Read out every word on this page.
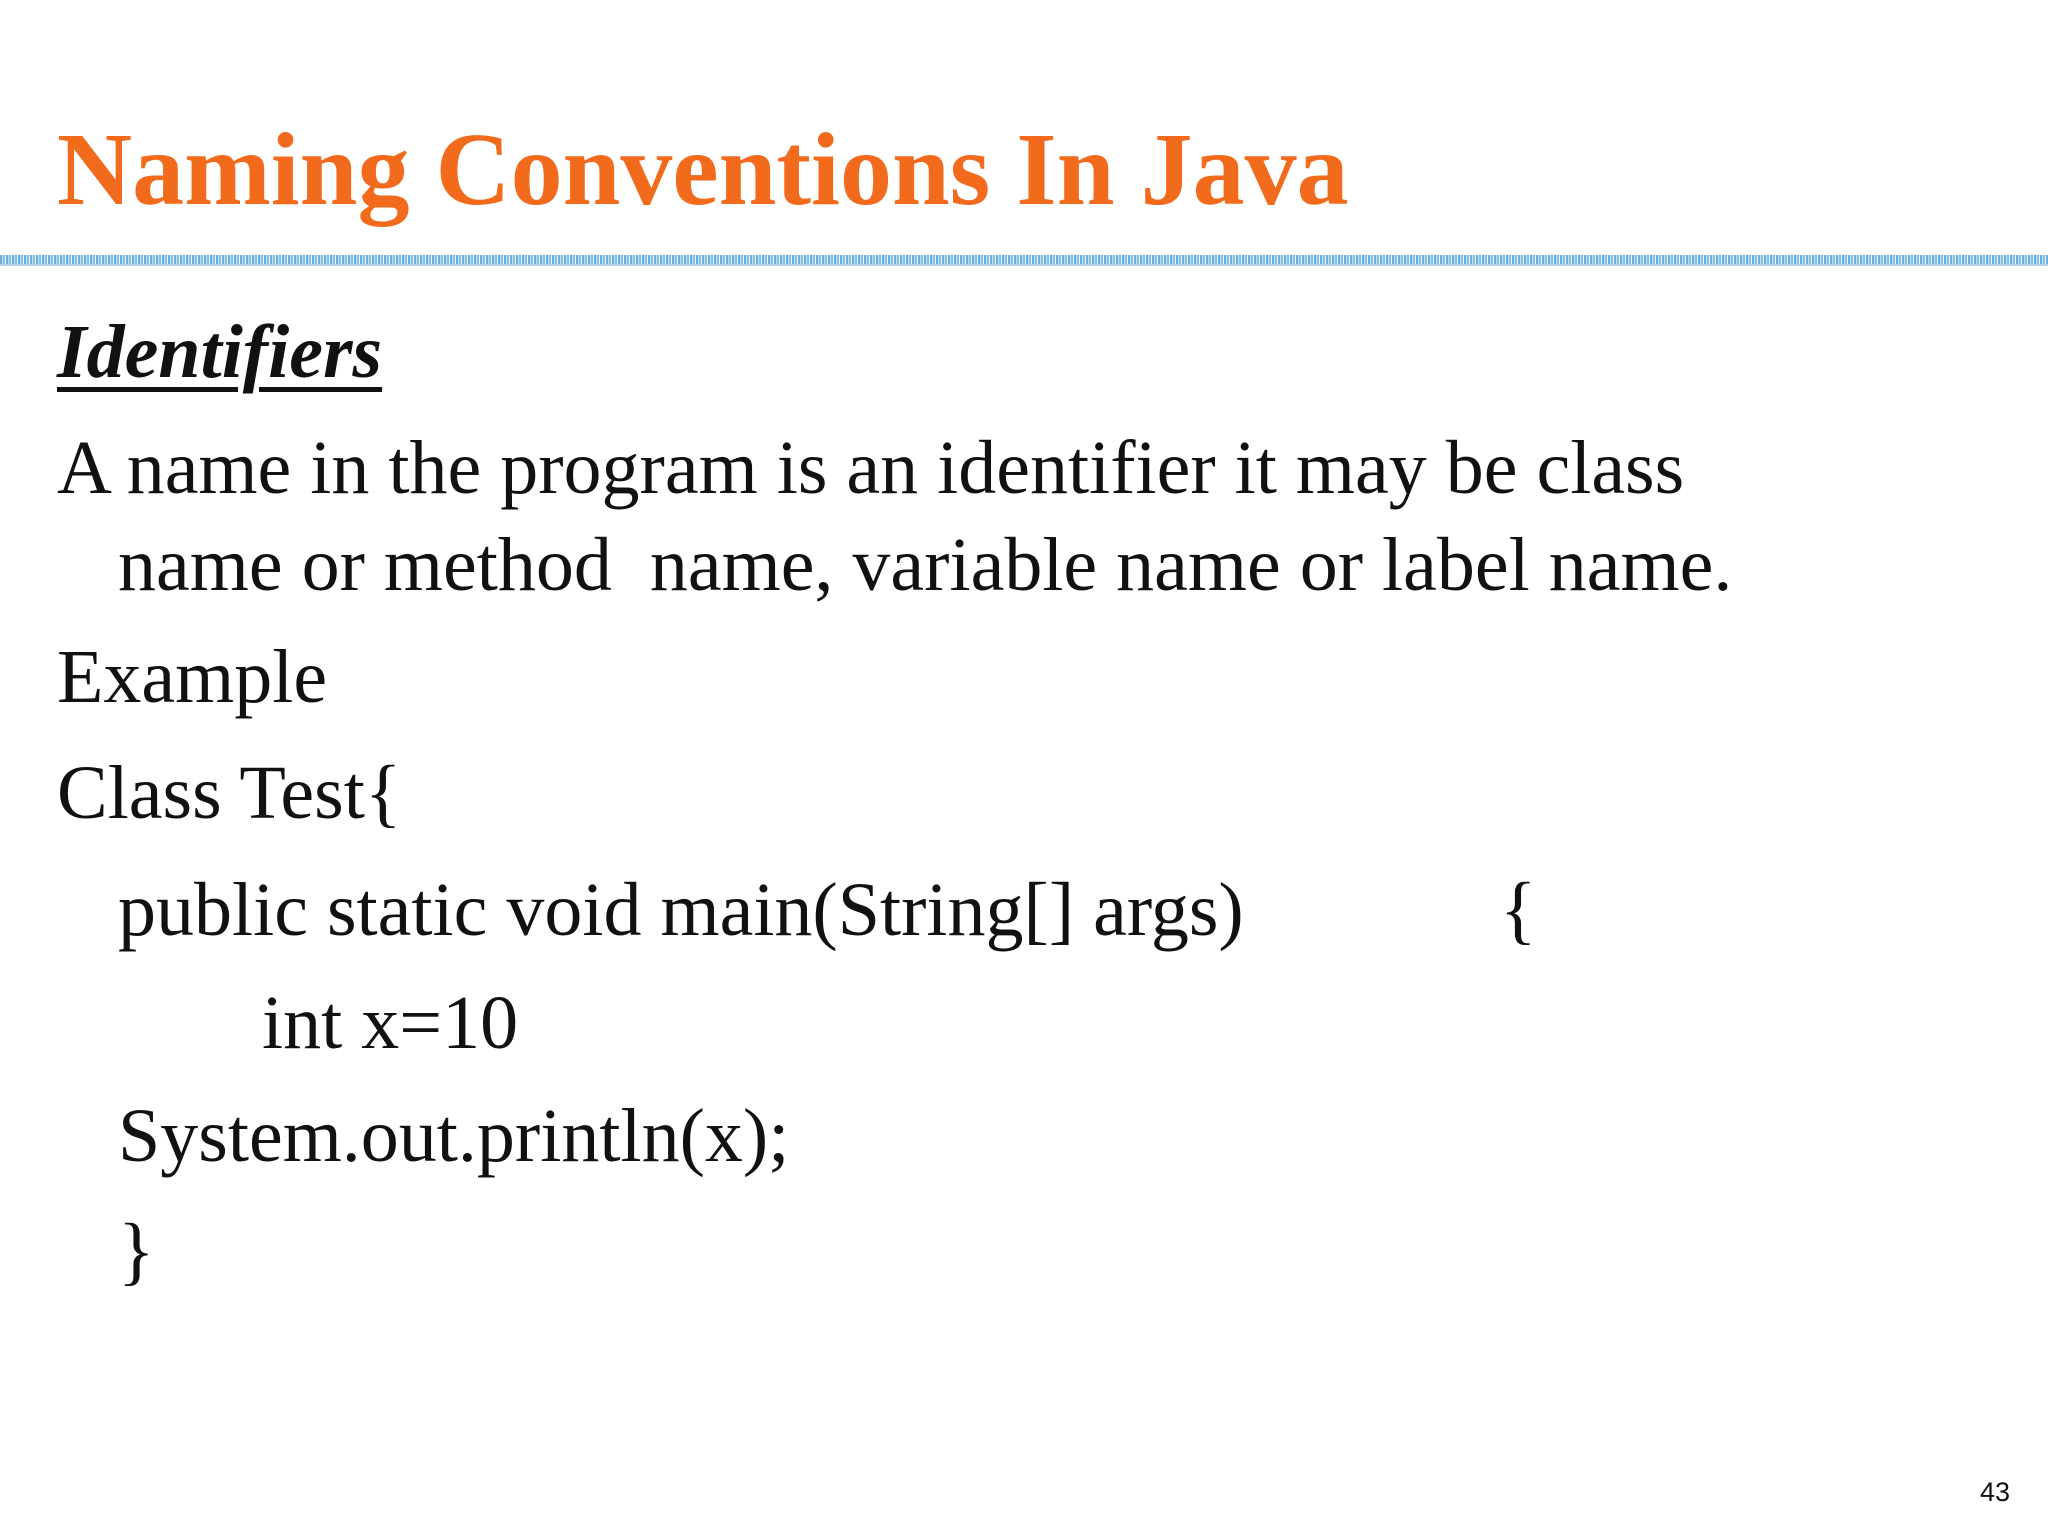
Naming Conventions In Java
Identifiers
A name in the program is an identifier it may be class
name or method  name, variable name or label name.
Example
Class Test{
public static void main(String[] args)	{
int x=10
System.out.println(x);
}
43
